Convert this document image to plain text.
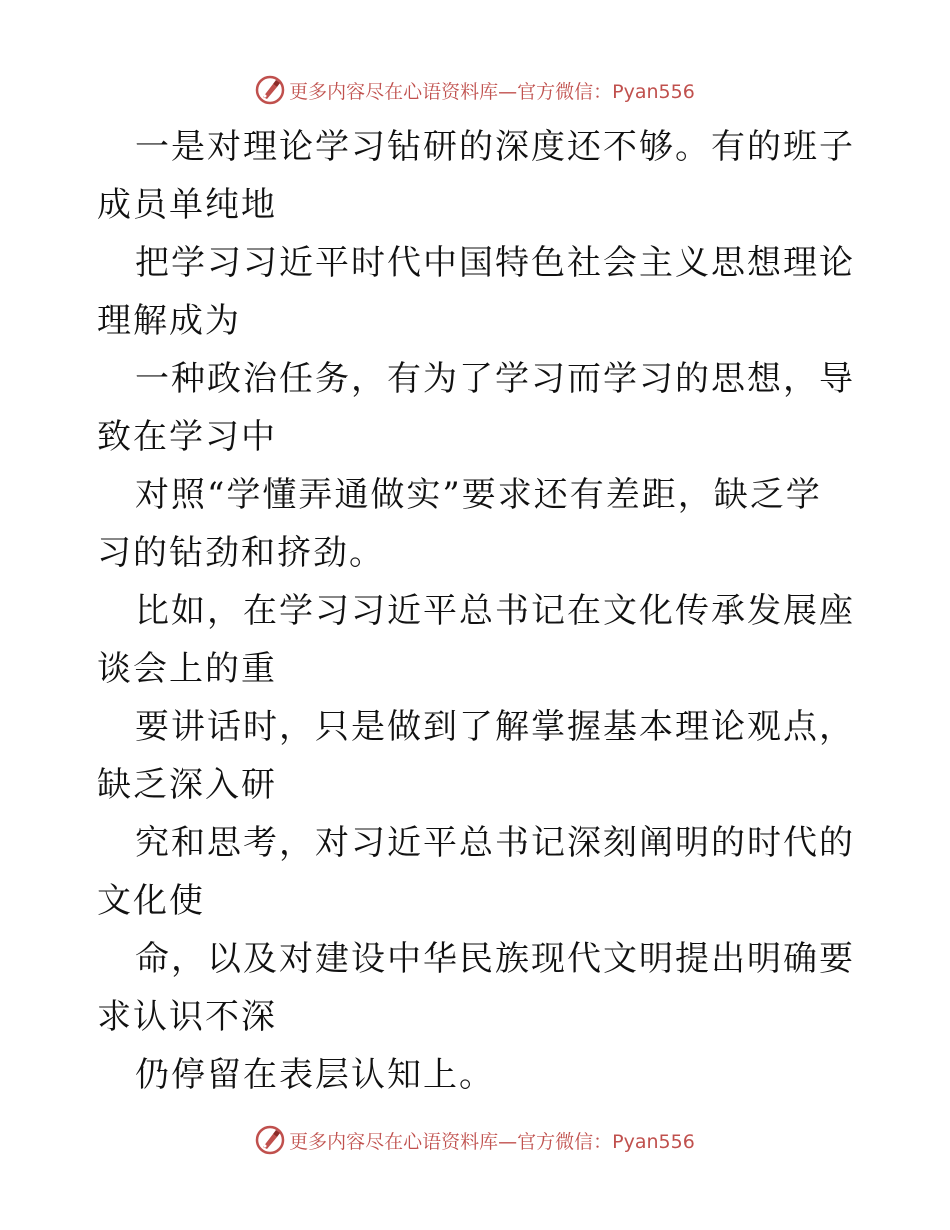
更多内容尽在心语资料库—官方微信：Pyan556

一是对理论学习钻研的深度还不够。有的班子成员单纯地

把学习习近平时代中国特色社会主义思想理论理解成为

一种政治任务，有为了学习而学习的思想，导致在学习中

对照“学懂弄通做实”要求还有差距，缺乏学习的钻劲和挤劲。

比如，在学习习近平总书记在文化传承发展座谈会上的重

要讲话时，只是做到了解掌握基本理论观点，缺乏深入研

究和思考，对习近平总书记深刻阐明的时代的文化使

命，以及对建设中华民族现代文明提出明确要求认识不深

仍停留在表层认知上。

更多内容尽在心语资料库—官方微信：Pyan556
